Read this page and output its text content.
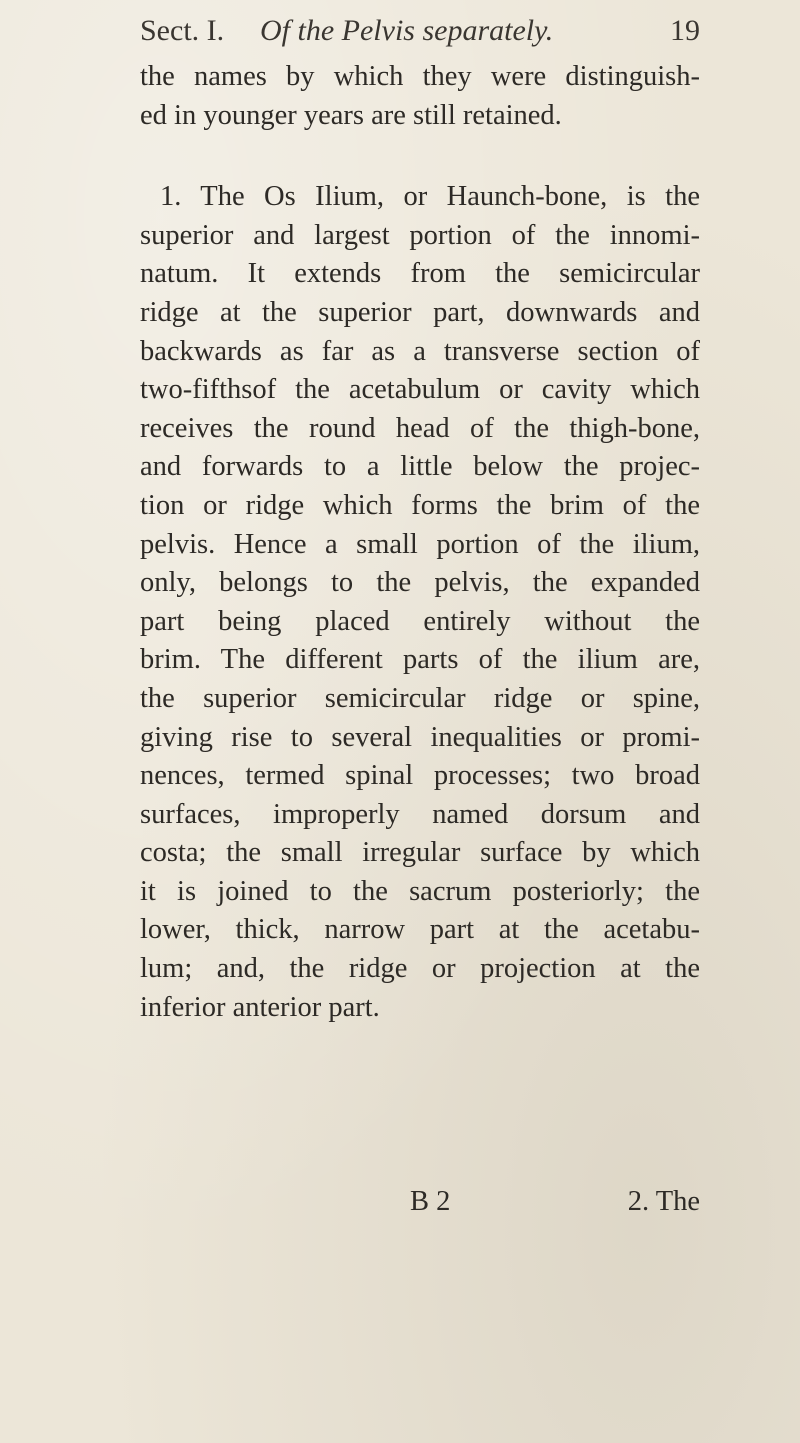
Sect. I. Of the Pelvis separately.	19
the names by which they were distinguish-
ed in younger years are still retained.
1. The Os Ilium, or Haunch-bone, is the
superior and largest portion of the innomi-
natum. It extends from the semicircular
ridge at the superior part, downwards and
backwards as far as a transverse section of
two-fifthsof the acetabulum or cavity which
receives the round head of the thigh-bone,
and forwards to a little below the projec-
tion or ridge which forms the brim of the
pelvis. Hence a small portion of the ilium,
only, belongs to the pelvis, the expanded
part being placed entirely without the
brim. The different parts of the ilium are,
the superior semicircular ridge or spine,
giving rise to several inequalities or promi-
nences, termed spinal processes; two broad
surfaces, improperly named dorsum and
costa; the small irregular surface by which
it is joined to the sacrum posteriorly; the
lower, thick, narrow part at the acetabu-
lum; and, the ridge or projection at the
inferior anterior part.
B 2	2. The
